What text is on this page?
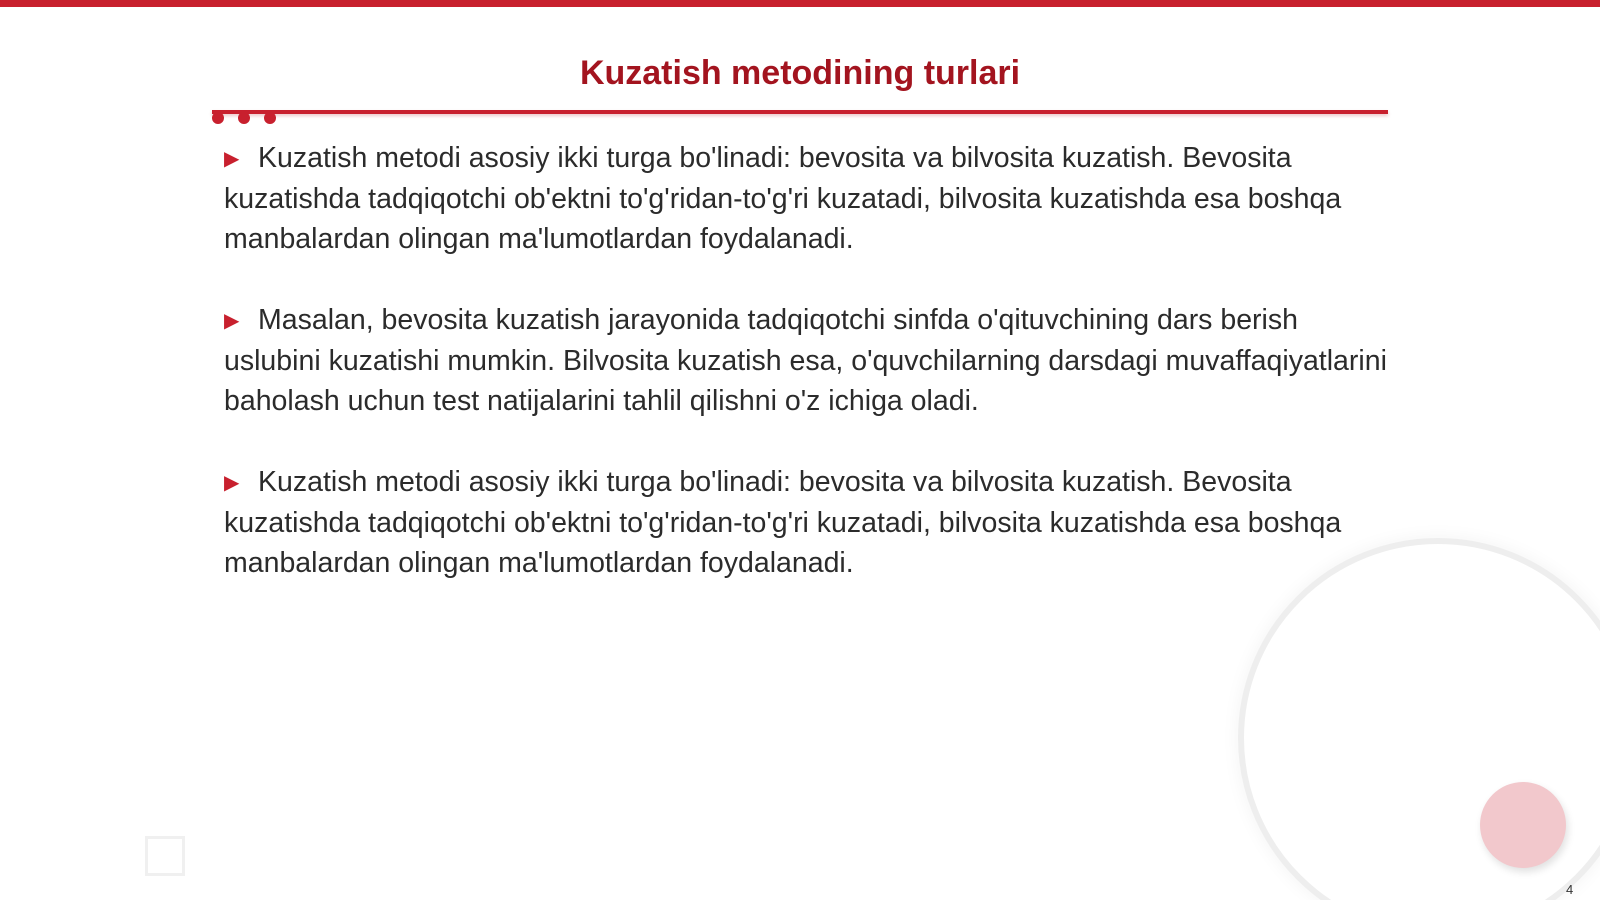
Kuzatish metodining turlari

▶ Kuzatish metodi asosiy ikki turga bo'linadi: bevosita va bilvosita kuzatish. Bevosita kuzatishda tadqiqotchi ob'ektni to'g'ridan-to'g'ri kuzatadi, bilvosita kuzatishda esa boshqa manbalardan olingan ma'lumotlardan foydalanadi.

▶ Masalan, bevosita kuzatish jarayonida tadqiqotchi sinfda o'qituvchining dars berish uslubini kuzatishi mumkin. Bilvosita kuzatish esa, o'quvchilarning darsdagi muvaffaqiyatlarini baholash uchun test natijalarini tahlil qilishni o'z ichiga oladi.

▶ Kuzatish metodi asosiy ikki turga bo'linadi: bevosita va bilvosita kuzatish. Bevosita kuzatishda tadqiqotchi ob'ektni to'g'ridan-to'g'ri kuzatadi, bilvosita kuzatishda esa boshqa manbalardan olingan ma'lumotlardan foydalanadi.

4
